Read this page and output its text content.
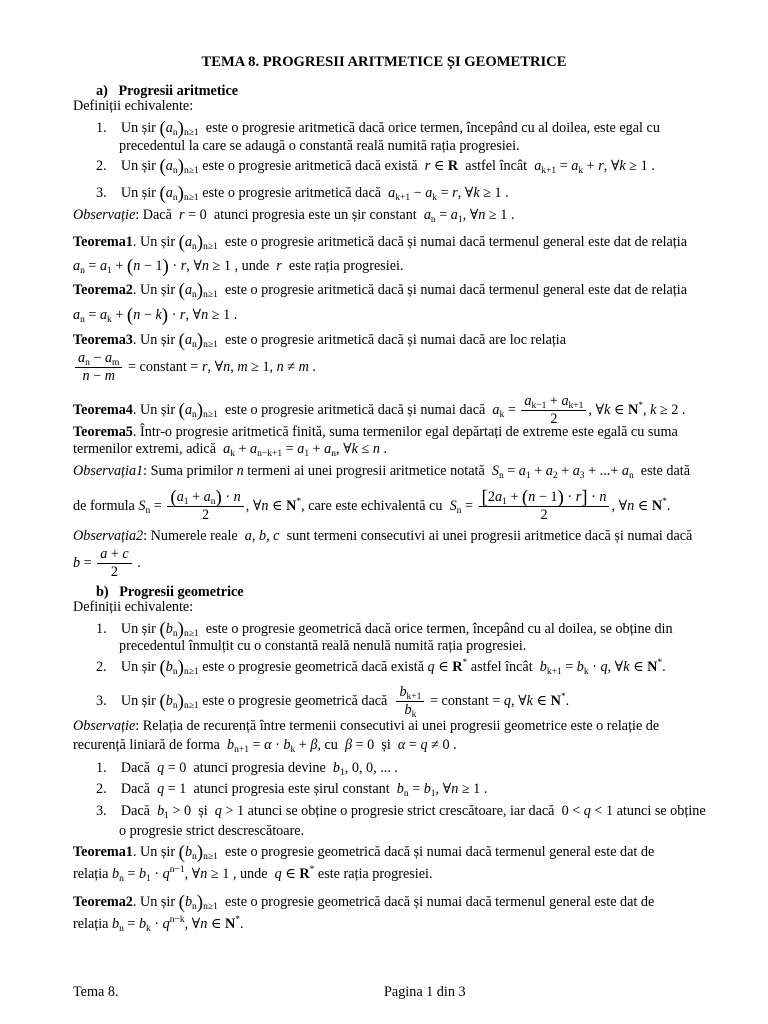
TEMA 8. PROGRESII ARITMETICE ȘI GEOMETRICE
a) Progresii aritmetice
Definiții echivalente:
1. Un șir $(a_n)_{n\ge 1}$ este o progresie aritmetică dacă orice termen, începând cu al doilea, este egal cu
precedentul la care se adaugă o constantă reală numită rația progresiei.
2. Un șir $(a_n)_{n\ge 1}$ este o progresie aritmetică dacă există r ∈ R astfel încât $a_{k+1} = a_k + r$, ∀k ≥ 1 .
3. Un șir $(a_n)_{n\ge 1}$ este o progresie aritmetică dacă $a_{k+1} - a_k = r$, ∀k ≥ 1 .
Observație: Dacă r = 0  atunci progresia este un șir constant $a_n = a_1$, ∀n ≥ 1 .
Teorema1. Un șir $(a_n)_{n\ge 1}$ este o progresie aritmetică dacă și numai dacă termenul general este dat de relația
$a_n = a_1 + (n - 1) \cdot r$, ∀n ≥ 1 , unde r este rația progresiei.
Teorema2. Un șir $(a_n)_{n\ge 1}$ este o progresie aritmetică dacă și numai dacă termenul general este dat de relația
$a_n = a_k + (n - k) \cdot r$, ∀n ≥ 1 .
Teorema3. Un șir $(a_n)_{n\ge 1}$ este o progresie aritmetică dacă și numai dacă are loc relația
$\frac{a_n - a_m}{n - m}$ = constant = r, ∀n, m ≥ 1, n ≠ m .
Teorema4. Un șir $(a_n)_{n\ge 1}$ este o progresie aritmetică dacă și numai dacă $a_k = \frac{a_{k-1} + a_{k+1}}{2}$ , ∀k ∈ N*, k ≥ 2 .
Teorema5. Într-o progresie aritmetică finită, suma termenilor egal depărtați de extreme este egală cu suma
termenilor extremi, adică $a_k + a_{n-k+1} = a_1 + a_n$, ∀k ≤ n .
Observația1: Suma primilor n termeni ai unei progresii aritmetice notată $S_n = a_1 + a_2 + a_3$ + ...+ $a_n$ este dată
de formula $S_n = \frac{(a_1 + a_n) \cdot n}{2}$ , ∀n ∈ N*, care este echivalentă cu $S_n = \frac{[2a_1 + (n - 1) \cdot r] \cdot n}{2}$ , ∀n ∈ N*.
Observația2: Numerele reale a, b, c sunt termeni consecutivi ai unei progresii aritmetice dacă și numai dacă
$b = \frac{a + c}{2}$ .
b) Progresii geometrice
Definiții echivalente:
1. Un șir $(b_n)_{n\ge 1}$ este o progresie geometrică dacă orice termen, începând cu al doilea, se obține din
precedentul înmulțit cu o constantă reală nenulă numită rația progresiei.
2. Un șir $(b_n)_{n\ge 1}$ este o progresie geometrică dacă există q ∈ R* astfel încât $b_{k+1} = b_k \cdot q$, ∀k ∈ N*.
3. Un șir $(b_n)_{n\ge 1}$ este o progresie geometrică dacă $\frac{b_{k+1}}{b_k}$ = constant = q, ∀k ∈ N*.
Observație: Relația de recurență între termenii consecutivi ai unei progresii geometrice este o relație de
recurență liniară de forma $b_{n+1} = \alpha \cdot b_k + \beta$, cu β = 0  și α = q ≠ 0 .
1. Dacă q = 0  atunci progresia devine $b_1$, 0, 0, ... .
2. Dacă q = 1  atunci progresia este șirul constant $b_n = b_1$, ∀n ≥ 1 .
3. Dacă $b_1 > 0$  și q > 1 atunci se obține o progresie strict crescătoare, iar dacă  0 < q < 1 atunci se obține
o progresie strict descrescătoare.
Teorema1. Un șir $(b_n)_{n\ge 1}$ este o progresie geometrică dacă și numai dacă termenul general este dat de
relația $b_n = b_1 \cdot q^{n-1}$, ∀n ≥ 1 , unde q ∈ R* este rația progresiei.
Teorema2. Un șir $(b_n)_{n\ge 1}$ este o progresie geometrică dacă și numai dacă termenul general este dat de
relația $b_n = b_k \cdot q^{n-k}$, ∀n ∈ N*.
Tema 8.	Pagina 1 din 3
